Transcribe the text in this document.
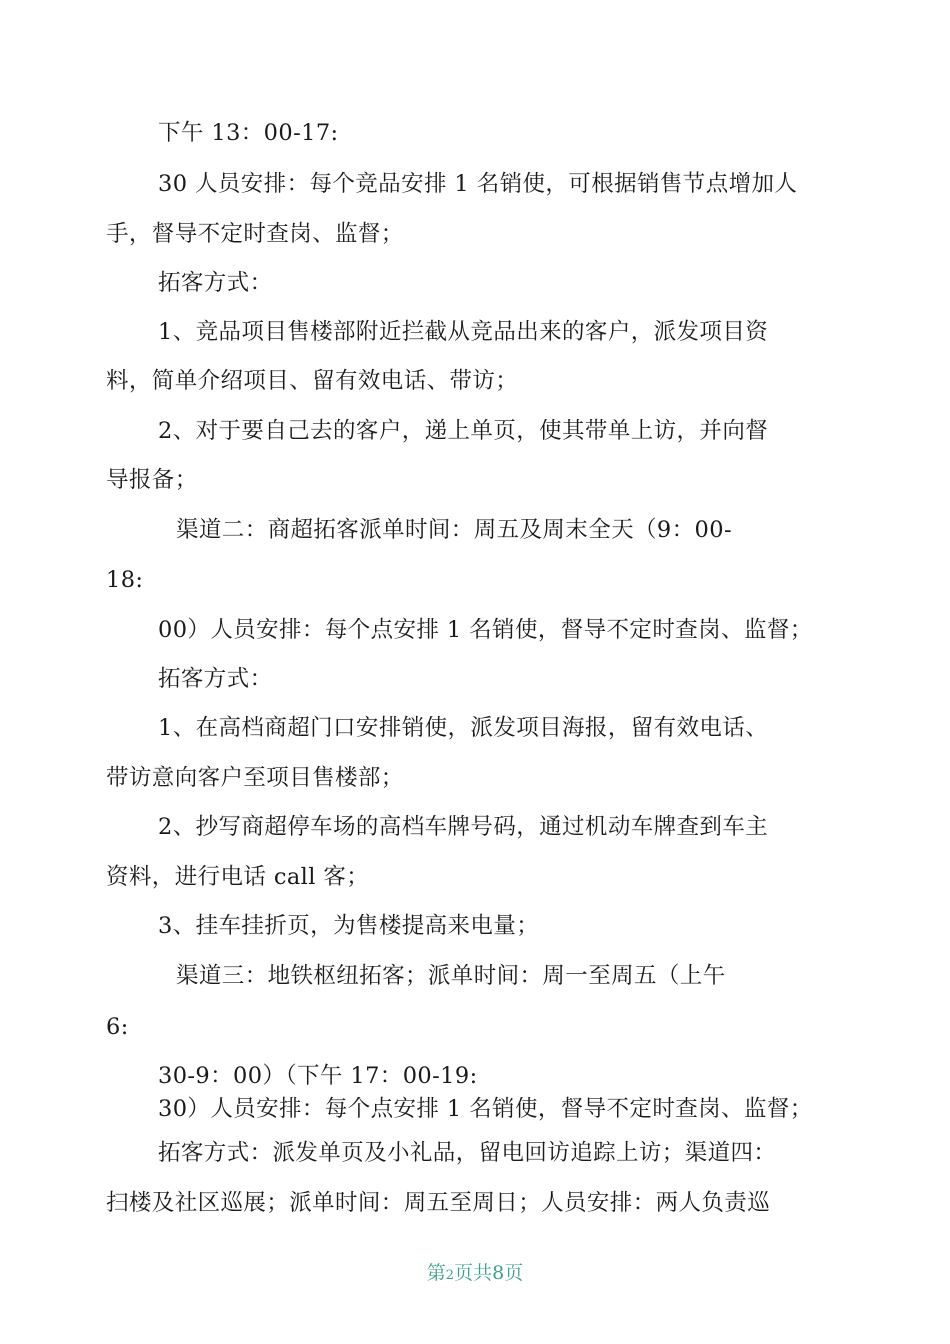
下午 13：00-17:
30 人员安排：每个竞品安排 1 名销使，可根据销售节点增加人
手，督导不定时查岗、监督；
拓客方式：
1、竞品项目售楼部附近拦截从竞品出来的客户，派发项目资
料，简单介绍项目、留有效电话、带访；
2、对于要自己去的客户，递上单页，使其带单上访，并向督
导报备；
渠道二：商超拓客派单时间：周五及周末全天（9：00-
18:
00）人员安排：每个点安排 1 名销使，督导不定时查岗、监督；
拓客方式：
1、在高档商超门口安排销使，派发项目海报，留有效电话、
带访意向客户至项目售楼部；
2、抄写商超停车场的高档车牌号码，通过机动车牌查到车主
资料，进行电话 call 客；
3、挂车挂折页，为售楼提高来电量；
渠道三：地铁枢纽拓客；派单时间：周一至周五（上午
6:
30-9：00）（下午 17：00-19:
30）人员安排：每个点安排 1 名销使，督导不定时查岗、监督；
拓客方式：派发单页及小礼品，留电回访追踪上访；渠道四：
扫楼及社区巡展；派单时间：周五至周日；人员安排：两人负责巡
第2页共8页
